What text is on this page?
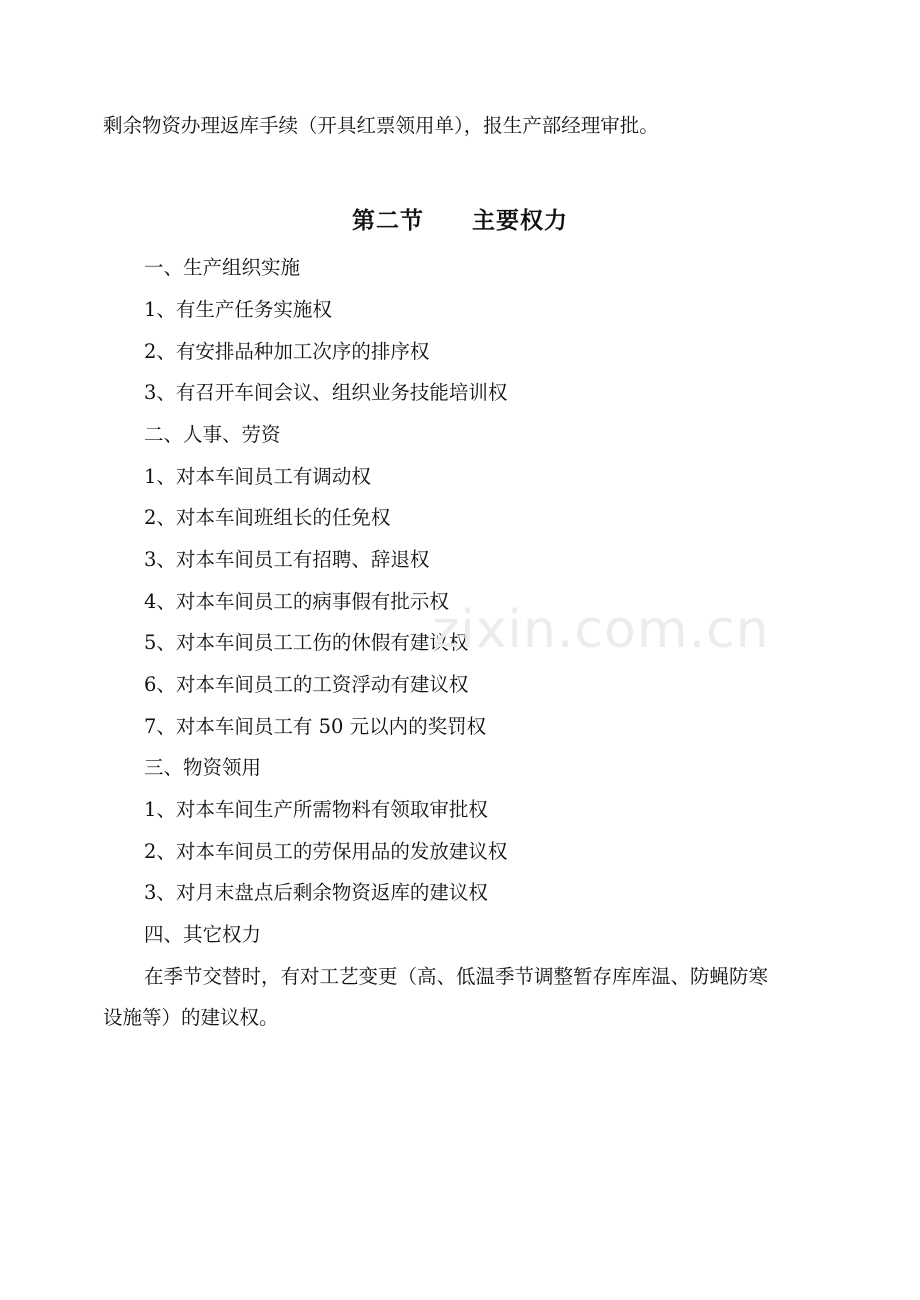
剩余物资办理返库手续（开具红票领用单），报生产部经理审批。

第二节 主要权力

一、生产组织实施

1、有生产任务实施权

2、有安排品种加工次序的排序权

3、有召开车间会议、组织业务技能培训权

二、人事、劳资

1、对本车间员工有调动权

2、对本车间班组长的任免权

3、对本车间员工有招聘、辞退权

4、对本车间员工的病事假有批示权

5、对本车间员工工伤的休假有建议权

6、对本车间员工的工资浮动有建议权

7、对本车间员工有 50 元以内的奖罚权

三、物资领用

1、对本车间生产所需物料有领取审批权

2、对本车间员工的劳保用品的发放建议权

3、对月末盘点后剩余物资返库的建议权

四、其它权力

在季节交替时，有对工艺变更（高、低温季节调整暂存库库温、防蝇防寒

设施等）的建议权。

zixin.com.cn
